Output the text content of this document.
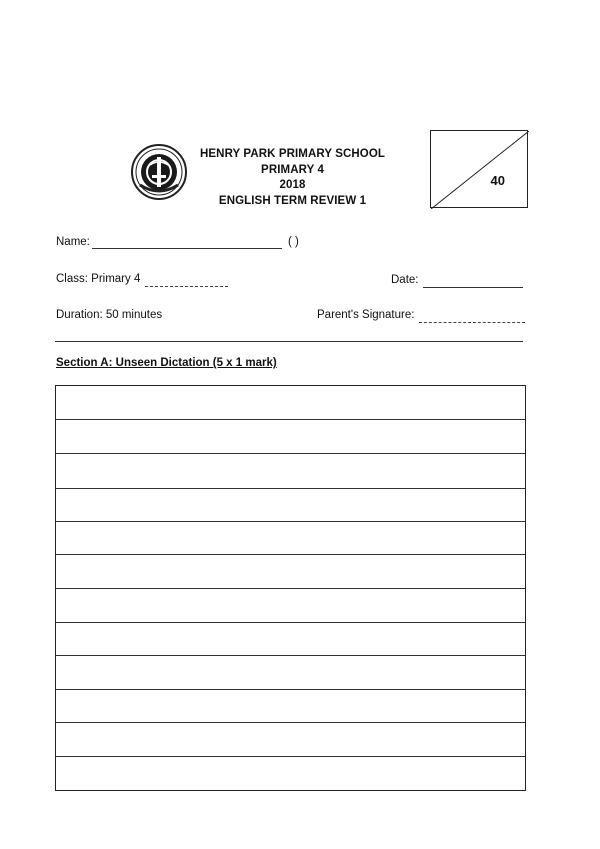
HENRY PARK PRIMARY SCHOOL
PRIMARY 4
2018
ENGLISH TERM REVIEW 1
40
Name:	( )
Class: Primary 4	Date:
Duration: 50 minutes	Parent's Signature:
Section A: Unseen Dictation (5 x 1 mark)
